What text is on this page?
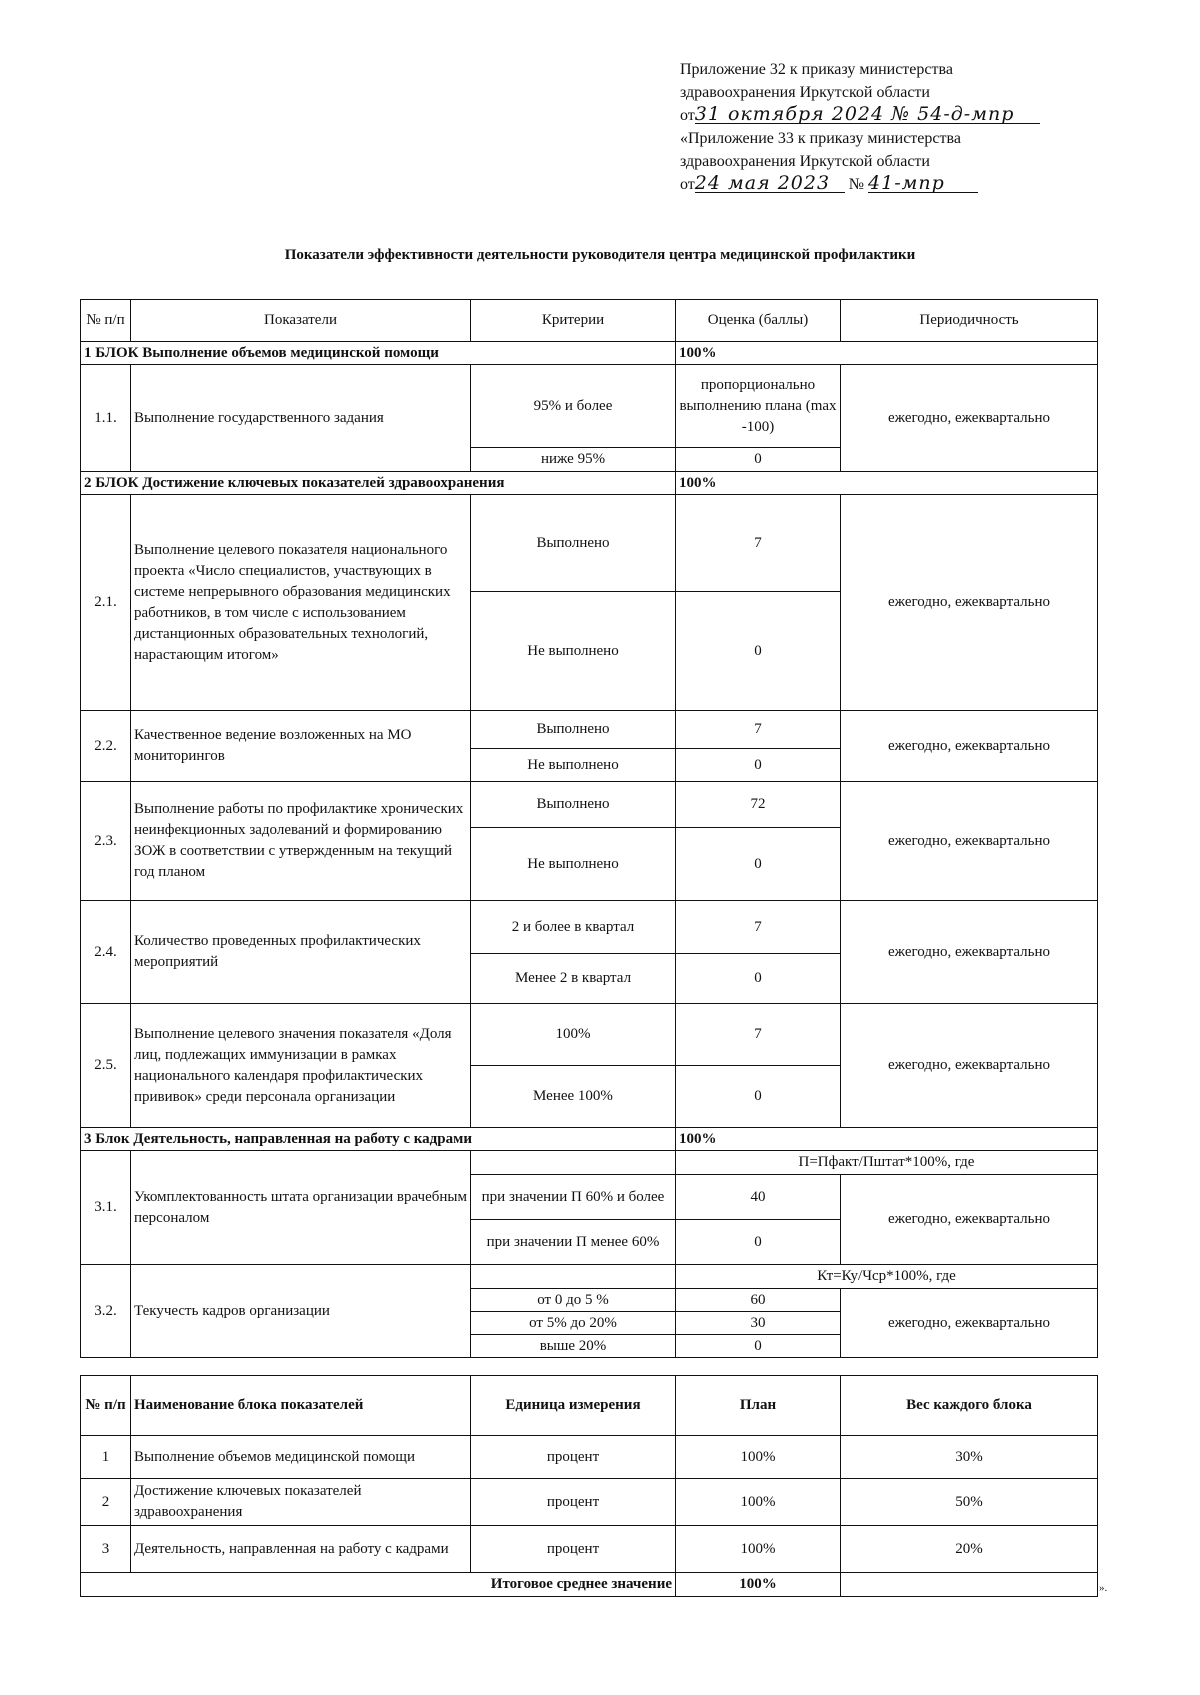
Приложение 32 к приказу министерства
здравоохранения Иркутской области
от31 октября 2024 № 54-д-мпр
«Приложение 33 к приказу министерства
здравоохранения Иркутской области
от24 мая 2023 № 41-мпр
Показатели эффективности деятельности руководителя центра медицинской профилактики
№ п/п	Показатели	Критерии	Оценка (баллы)	Периодичность
1 БЛОК Выполнение объемов медицинской помощи			100%	
1.1.	Выполнение государственного задания	95% и более	пропорционально выполнению плана (max -100)	ежегодно, ежеквартально
		ниже 95%	0	
2 БЛОК Достижение ключевых показателей здравоохранения			100%	
2.1.	Выполнение целевого показателя национального проекта «Число специалистов, участвующих в системе непрерывного образования медицинских работников, в том числе с использованием дистанционных образовательных технологий, нарастающим итогом»	Выполнено	7	ежегодно, ежеквартально
		Не выполнено	0	
2.2.	Качественное ведение возложенных на МО мониторингов	Выполнено	7	ежегодно, ежеквартально
		Не выполнено	0	
2.3.	Выполнение работы по профилактике хронических неинфекционных задолеваний и формированию ЗОЖ в соответствии с утвержденным на текущий год планом	Выполнено	72	ежегодно, ежеквартально
		Не выполнено	0	
2.4.	Количество проведенных профилактических мероприятий	2 и более в квартал	7	ежегодно, ежеквартально
		Менее 2 в квартал	0	
2.5.	Выполнение целевого значения показателя «Доля лиц, подлежащих иммунизации в рамках национального календаря профилактических прививок» среди персонала организации	100%	7	ежегодно, ежеквартально
		Менее 100%	0	
3 Блок Деятельность, направленная на работу с кадрами			100%	
3.1.	Укомплектованность штата организации врачебным персоналом		П=Пфакт/Пштат*100%, где	
		при значении П 60% и более	40	ежегодно, ежеквартально
		при значении П менее 60%	0	
3.2.	Текучесть кадров организации		Кт=Ку/Чср*100%, где	
		от 0 до 5 %	60	ежегодно, ежеквартально
		от 5% до 20%	30	
		выше 20%	0	
№ п/п	Наименование блока показателей	Единица измерения	План	Вес каждого блока
1	Выполнение объемов медицинской помощи	процент	100%	30%
2	Достижение ключевых показателей здравоохранения	процент	100%	50%
3	Деятельность, направленная на работу с кадрами	процент	100%	20%
Итоговое среднее значение			100%		».
